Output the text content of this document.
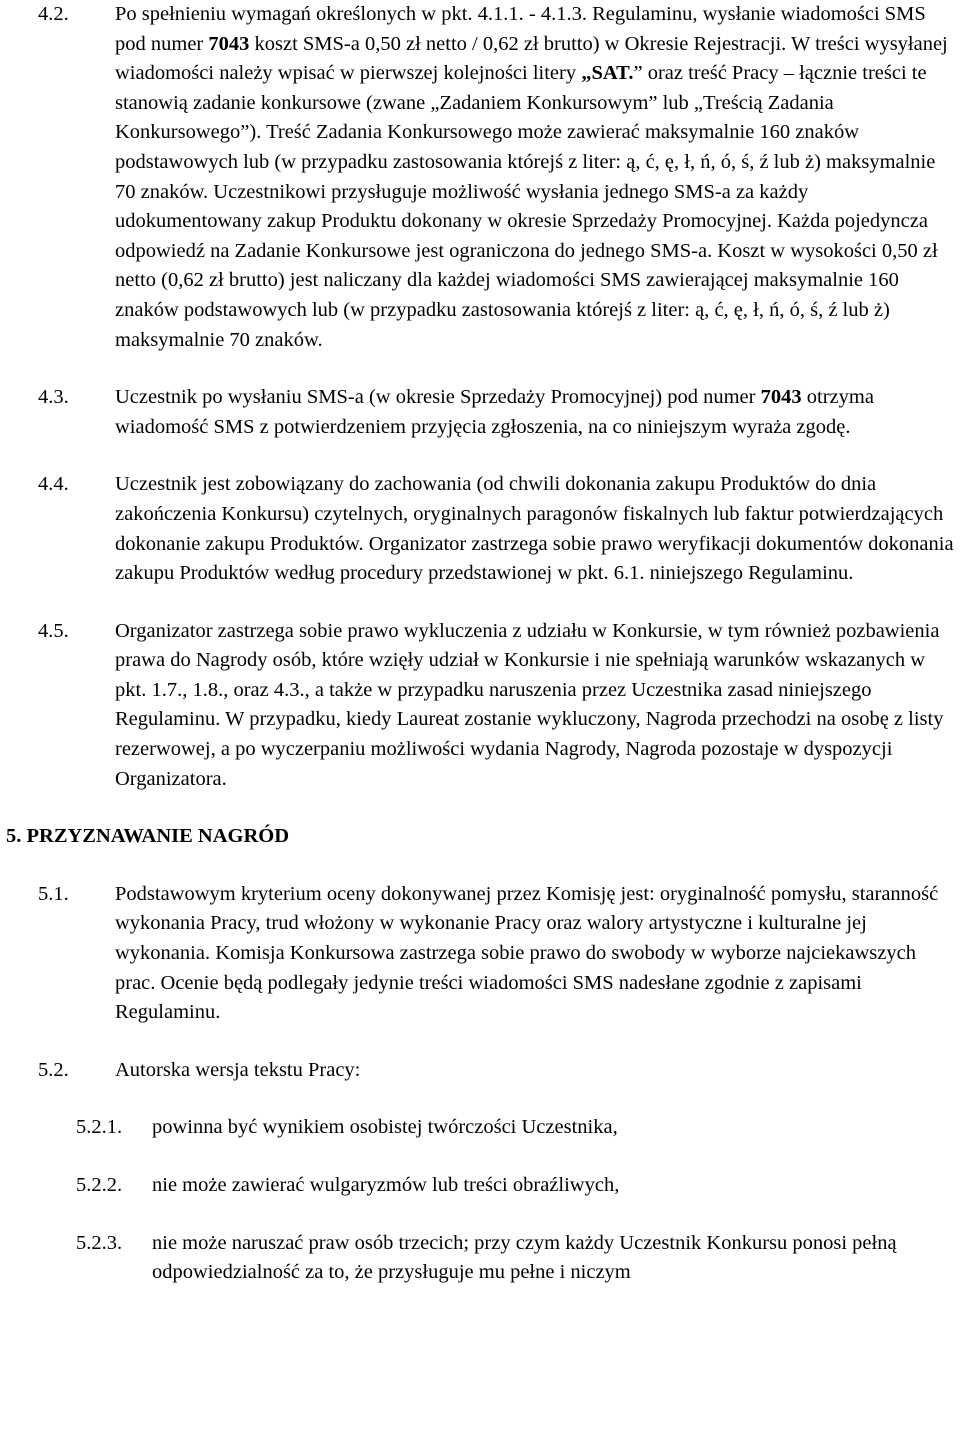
4.2.	Po spełnieniu wymagań określonych w pkt. 4.1.1. - 4.1.3. Regulaminu, wysłanie wiadomości SMS pod numer 7043 koszt SMS-a 0,50 zł netto / 0,62 zł brutto) w Okresie Rejestracji. W treści wysyłanej wiadomości należy wpisać w pierwszej kolejności litery „SAT.” oraz treść Pracy – łącznie treści te stanowią zadanie konkursowe (zwane „Zadaniem Konkursowym” lub „Treścią Zadania Konkursowego”). Treść Zadania Konkursowego może zawierać maksymalnie 160 znaków podstawowych lub (w przypadku zastosowania którejś z liter: ą, ć, ę, ł, ń, ó, ś, ź lub ż) maksymalnie 70 znaków. Uczestnikowi przysługuje możliwość wysłania jednego SMS-a za każdy udokumentowany zakup Produktu dokonany w okresie Sprzedaży Promocyjnej. Każda pojedyncza odpowiedź na Zadanie Konkursowe jest ograniczona do jednego SMS-a. Koszt w wysokości 0,50 zł netto (0,62 zł brutto) jest naliczany dla każdej wiadomości SMS zawierającej maksymalnie 160 znaków podstawowych lub (w przypadku zastosowania którejś z liter: ą, ć, ę, ł, ń, ó, ś, ź lub ż) maksymalnie 70 znaków.
4.3.	Uczestnik po wysłaniu SMS-a (w okresie Sprzedaży Promocyjnej) pod numer 7043 otrzyma wiadomość SMS z potwierdzeniem przyjęcia zgłoszenia, na co niniejszym wyraża zgodę.
4.4.	Uczestnik jest zobowiązany do zachowania (od chwili dokonania zakupu Produktów do dnia zakończenia Konkursu) czytelnych, oryginalnych paragonów fiskalnych lub faktur potwierdzających dokonanie zakupu Produktów. Organizator zastrzega sobie prawo weryfikacji dokumentów dokonania zakupu Produktów według procedury przedstawionej w pkt. 6.1. niniejszego Regulaminu.
4.5.	Organizator zastrzega sobie prawo wykluczenia z udziału w Konkursie, w tym również pozbawienia prawa do Nagrody osób, które wzięły udział w Konkursie i nie spełniają warunków wskazanych w pkt. 1.7., 1.8., oraz 4.3., a także w przypadku naruszenia przez Uczestnika zasad niniejszego Regulaminu. W przypadku, kiedy Laureat zostanie wykluczony, Nagroda przechodzi na osobę z listy rezerwowej, a po wyczerpaniu możliwości wydania Nagrody, Nagroda pozostaje w dyspozycji Organizatora.
5. PRZYZNAWANIE NAGRÓD
5.1.	Podstawowym kryterium oceny dokonywanej przez Komisję jest: oryginalność pomysłu, staranność wykonania Pracy, trud włożony w wykonanie Pracy oraz walory artystyczne i kulturalne jej wykonania. Komisja Konkursowa zastrzega sobie prawo do swobody w wyborze najciekawszych prac. Ocenie będą podlegały jedynie treści wiadomości SMS nadesłane zgodnie z zapisami Regulaminu.
5.2.	Autorska wersja tekstu Pracy:
5.2.1.	powinna być wynikiem osobistej twórczości Uczestnika,
5.2.2.	nie może zawierać wulgaryzmów lub treści obraźliwych,
5.2.3.	nie może naruszać praw osób trzecich; przy czym każdy Uczestnik Konkursu ponosi pełną odpowiedzialność za to, że przysługuje mu pełne i niczym
